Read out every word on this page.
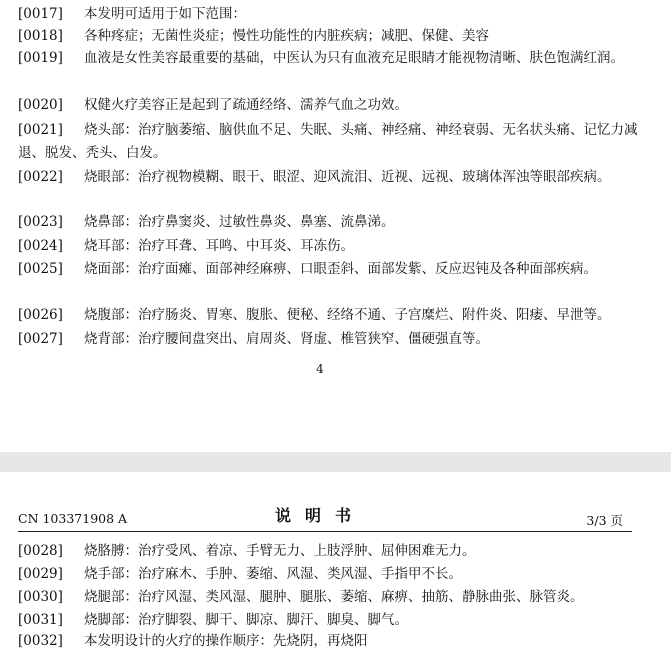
[0017]	本发明可适用于如下范围：
[0018]	各种疼症；无菌性炎症；慢性功能性的内脏疾病；减肥、保健、美容
[0019]	血液是女性美容最重要的基础，中医认为只有血液充足眼睛才能视物清晰、肤色饱满红润。
[0020]	权健火疗美容正是起到了疏通经络、濡养气血之功效。
[0021]	烧头部：治疗脑萎缩、脑供血不足、失眠、头痛、神经痛、神经衰弱、无名状头痛、记忆力减退、脱发、秃头、白发。
[0022]	烧眼部：治疗视物模糊、眼干、眼涩、迎风流泪、近视、远视、玻璃体浑浊等眼部疾病。
[0023]	烧鼻部：治疗鼻窦炎、过敏性鼻炎、鼻塞、流鼻涕。
[0024]	烧耳部：治疗耳聋、耳鸣、中耳炎、耳冻伤。
[0025]	烧面部：治疗面瘫、面部神经麻痹、口眼歪斜、面部发紫、反应迟钝及各种面部疾病。
[0026]	烧腹部：治疗肠炎、胃寒、腹胀、便秘、经络不通、子宫糜烂、附件炎、阳痿、早泄等。
[0027]	烧背部：治疗腰间盘突出、肩周炎、肾虚、椎管狭窄、僵硬强直等。
4
CN 103371908 A	说明书	3/3 页
[0028]	烧胳膊：治疗受风、着凉、手臂无力、上肢浮肿、屈伸困难无力。
[0029]	烧手部：治疗麻木、手肿、萎缩、风湿、类风湿、手指甲不长。
[0030]	烧腿部：治疗风湿、类风湿、腿肿、腿胀、萎缩、麻痹、抽筋、静脉曲张、脉管炎。
[0031]	烧脚部：治疗脚裂、脚干、脚凉、脚汗、脚臭、脚气。
[0032]	本发明设计的火疗的操作顺序：先烧阴，再烧阳
